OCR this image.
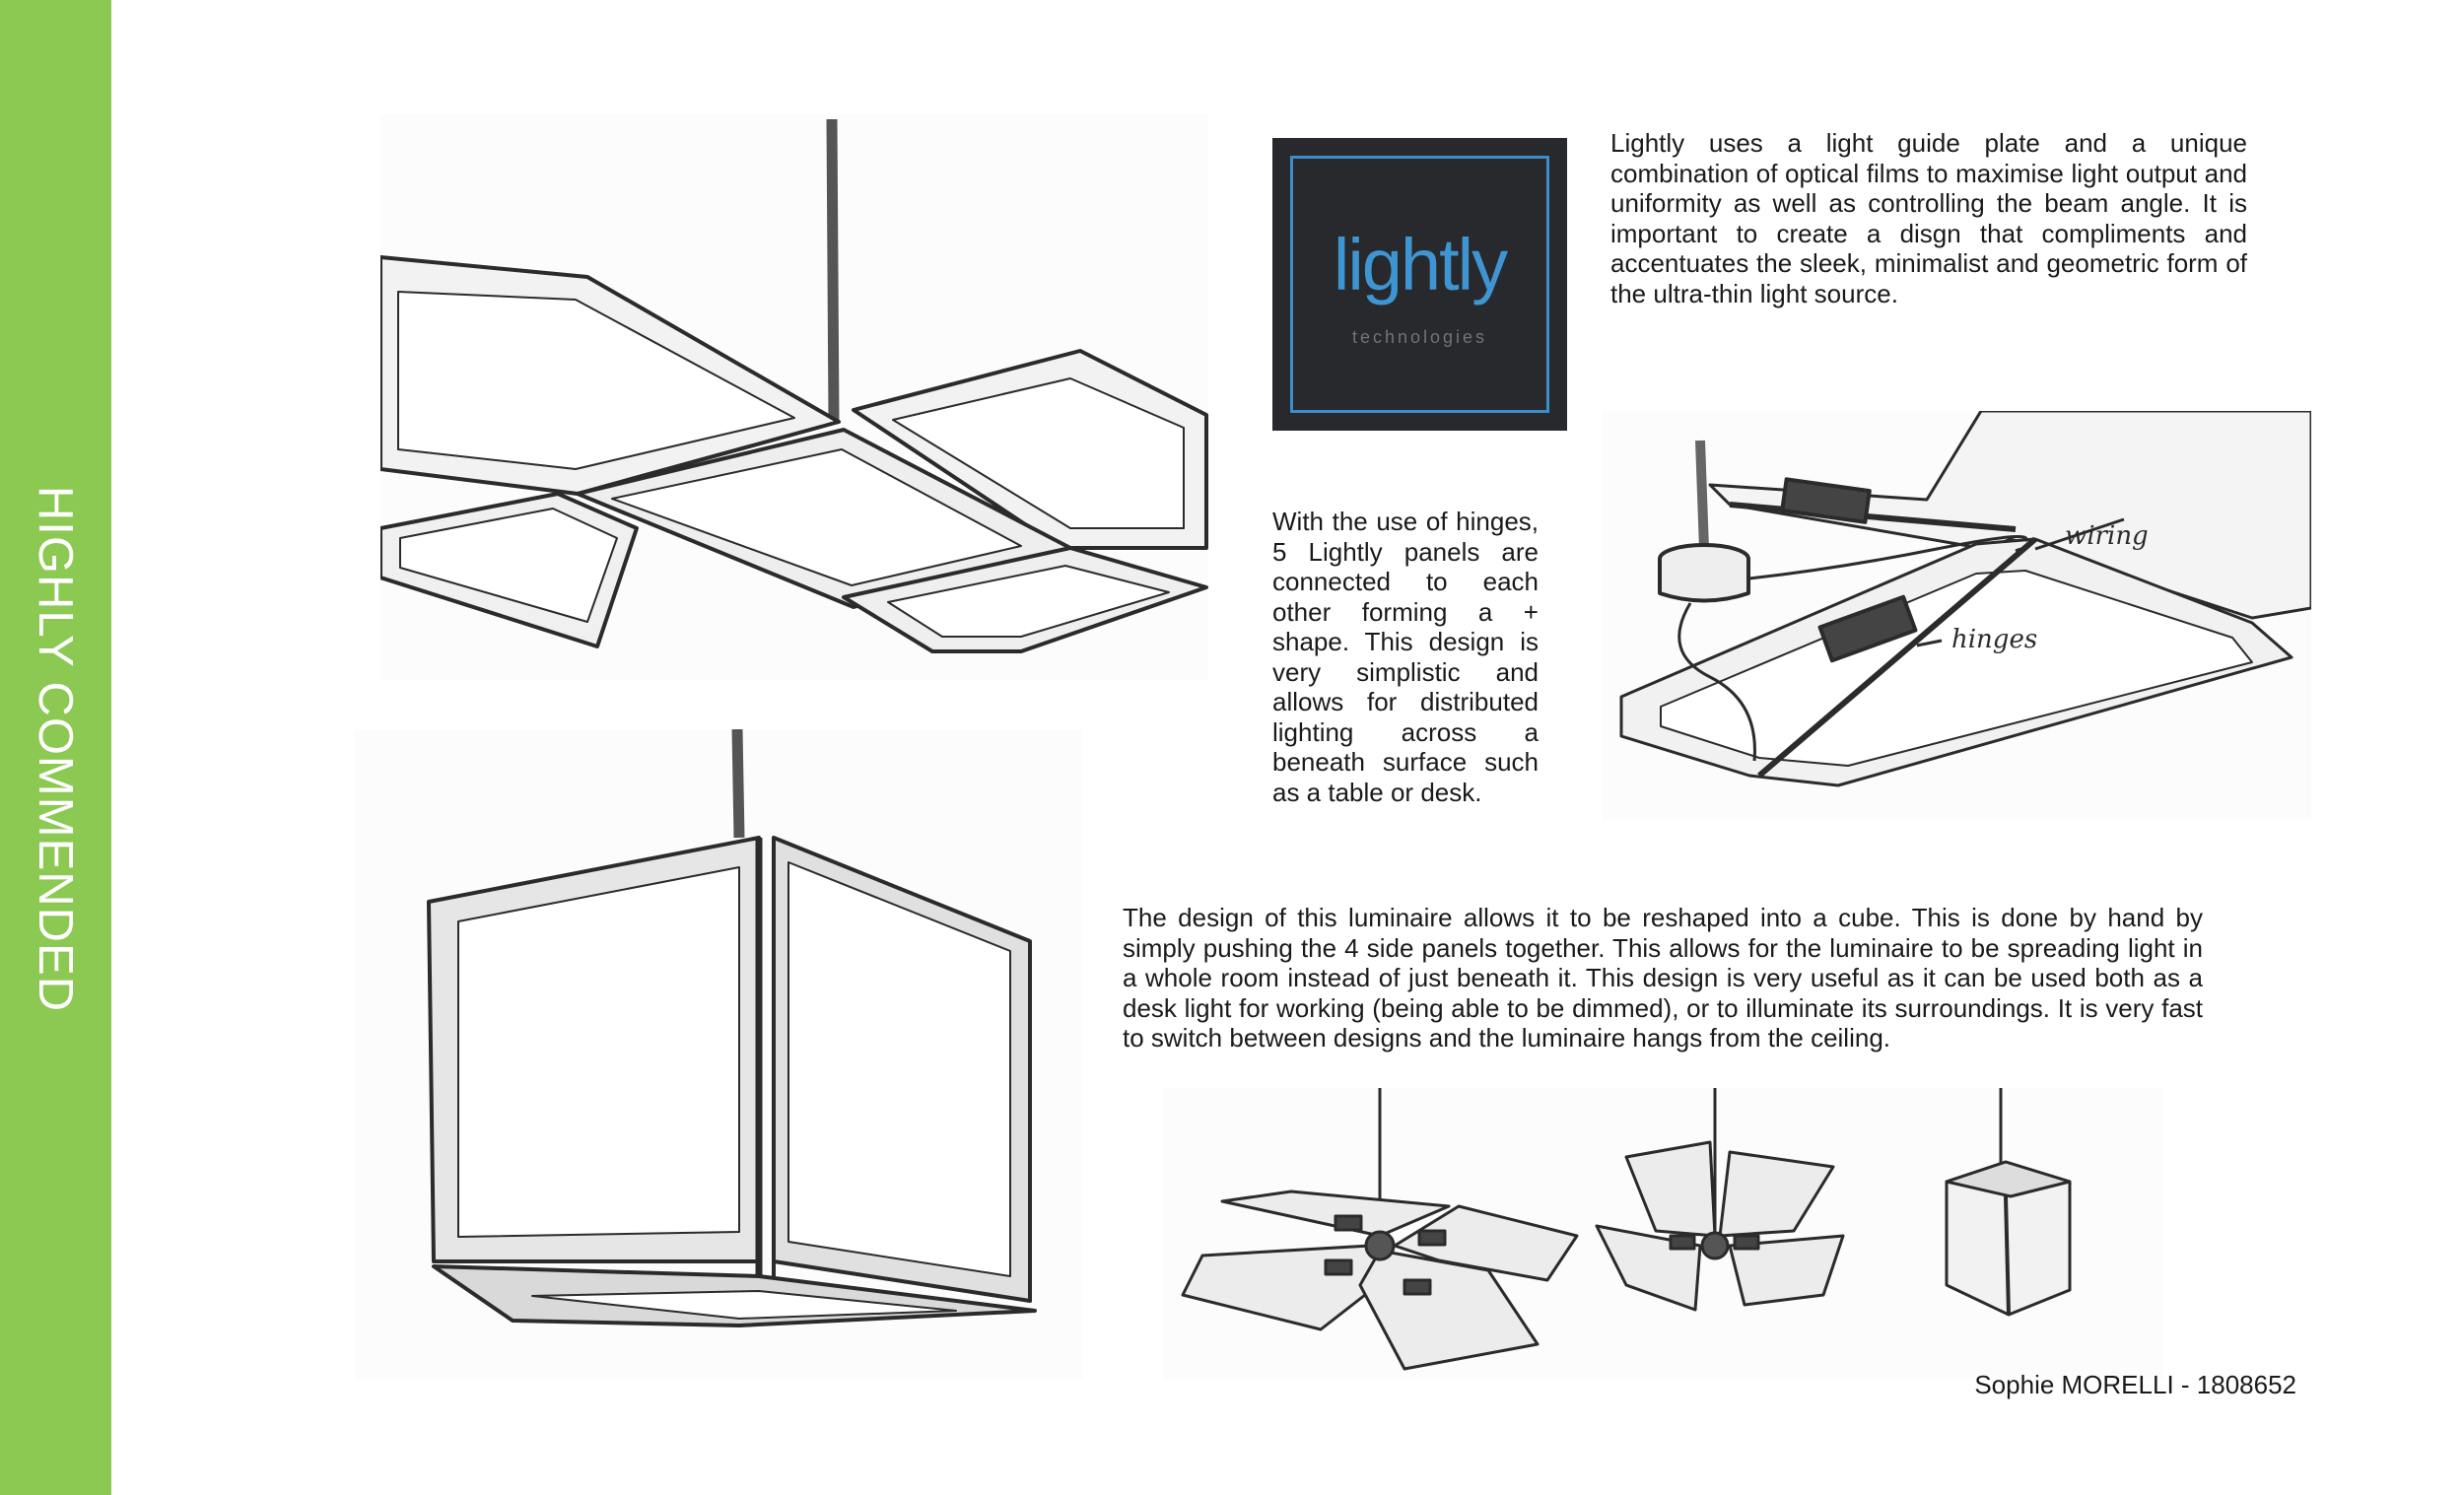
HIGHLY COMMENDED
lightly
technologies

Lightly uses a light guide plate and a unique combination of optical films to maximise light output and uniformity as well as controlling the beam angle. It is important to create a disgn that compliments and accentuates the sleek, minimalist and geometric form of the ultra-thin light source.

With the use of hinges, 5 Lightly panels are connected to each other forming a + shape. This design is very simplistic and allows for distributed lighting across a beneath surface such as a table or desk.

wiring
hinges

The design of this luminaire allows it to be reshaped into a cube. This is done by hand by simply pushing the 4 side panels together. This allows for the luminaire to be spreading light in a whole room instead of just beneath it. This design is very useful as it can be used both as a desk light for working (being able to be dimmed), or to illuminate its surroundings. It is very fast to switch between designs and the luminaire hangs from the ceiling.

Sophie MORELLI - 1808652
